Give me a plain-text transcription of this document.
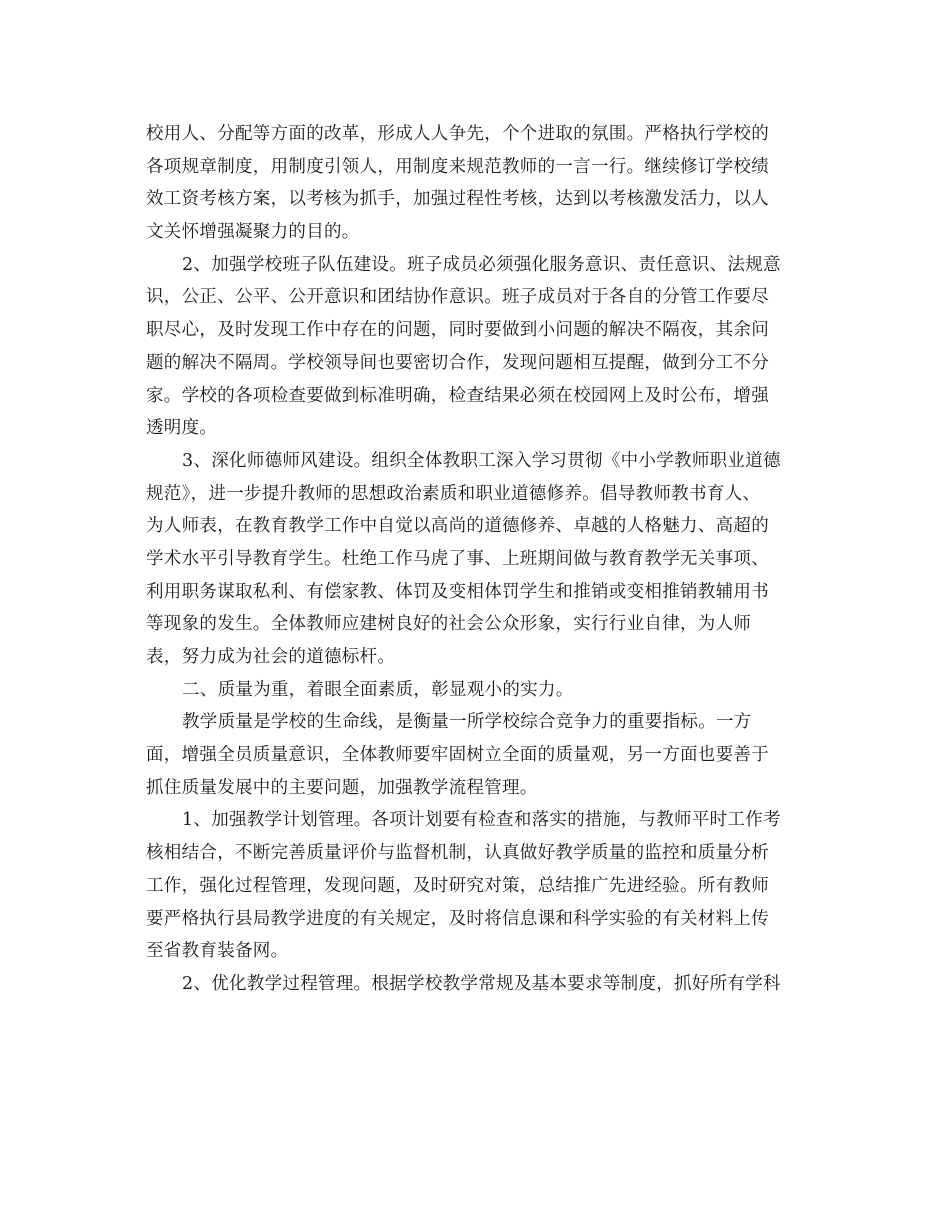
校用人、分配等方面的改革，形成人人争先，个个进取的氛围。严格执行学校的
各项规章制度，用制度引领人，用制度来规范教师的一言一行。继续修订学校绩
效工资考核方案，以考核为抓手，加强过程性考核，达到以考核激发活力，以人
文关怀增强凝聚力的目的。
2、加强学校班子队伍建设。班子成员必须强化服务意识、责任意识、法规意
识，公正、公平、公开意识和团结协作意识。班子成员对于各自的分管工作要尽
职尽心，及时发现工作中存在的问题，同时要做到小问题的解决不隔夜，其余问
题的解决不隔周。学校领导间也要密切合作，发现问题相互提醒，做到分工不分
家。学校的各项检查要做到标准明确，检查结果必须在校园网上及时公布，增强
透明度。
3、深化师德师风建设。组织全体教职工深入学习贯彻《中小学教师职业道德
规范》，进一步提升教师的思想政治素质和职业道德修养。倡导教师教书育人、
为人师表，在教育教学工作中自觉以高尚的道德修养、卓越的人格魅力、高超的
学术水平引导教育学生。杜绝工作马虎了事、上班期间做与教育教学无关事项、
利用职务谋取私利、有偿家教、体罚及变相体罚学生和推销或变相推销教辅用书
等现象的发生。全体教师应建树良好的社会公众形象，实行行业自律，为人师
表，努力成为社会的道德标杆。
二、质量为重，着眼全面素质，彰显观小的实力。
教学质量是学校的生命线，是衡量一所学校综合竞争力的重要指标。一方
面，增强全员质量意识，全体教师要牢固树立全面的质量观，另一方面也要善于
抓住质量发展中的主要问题，加强教学流程管理。
1、加强教学计划管理。各项计划要有检查和落实的措施，与教师平时工作考
核相结合，不断完善质量评价与监督机制，认真做好教学质量的监控和质量分析
工作，强化过程管理，发现问题，及时研究对策，总结推广先进经验。所有教师
要严格执行县局教学进度的有关规定，及时将信息课和科学实验的有关材料上传
至省教育装备网。
2、优化教学过程管理。根据学校教学常规及基本要求等制度，抓好所有学科
